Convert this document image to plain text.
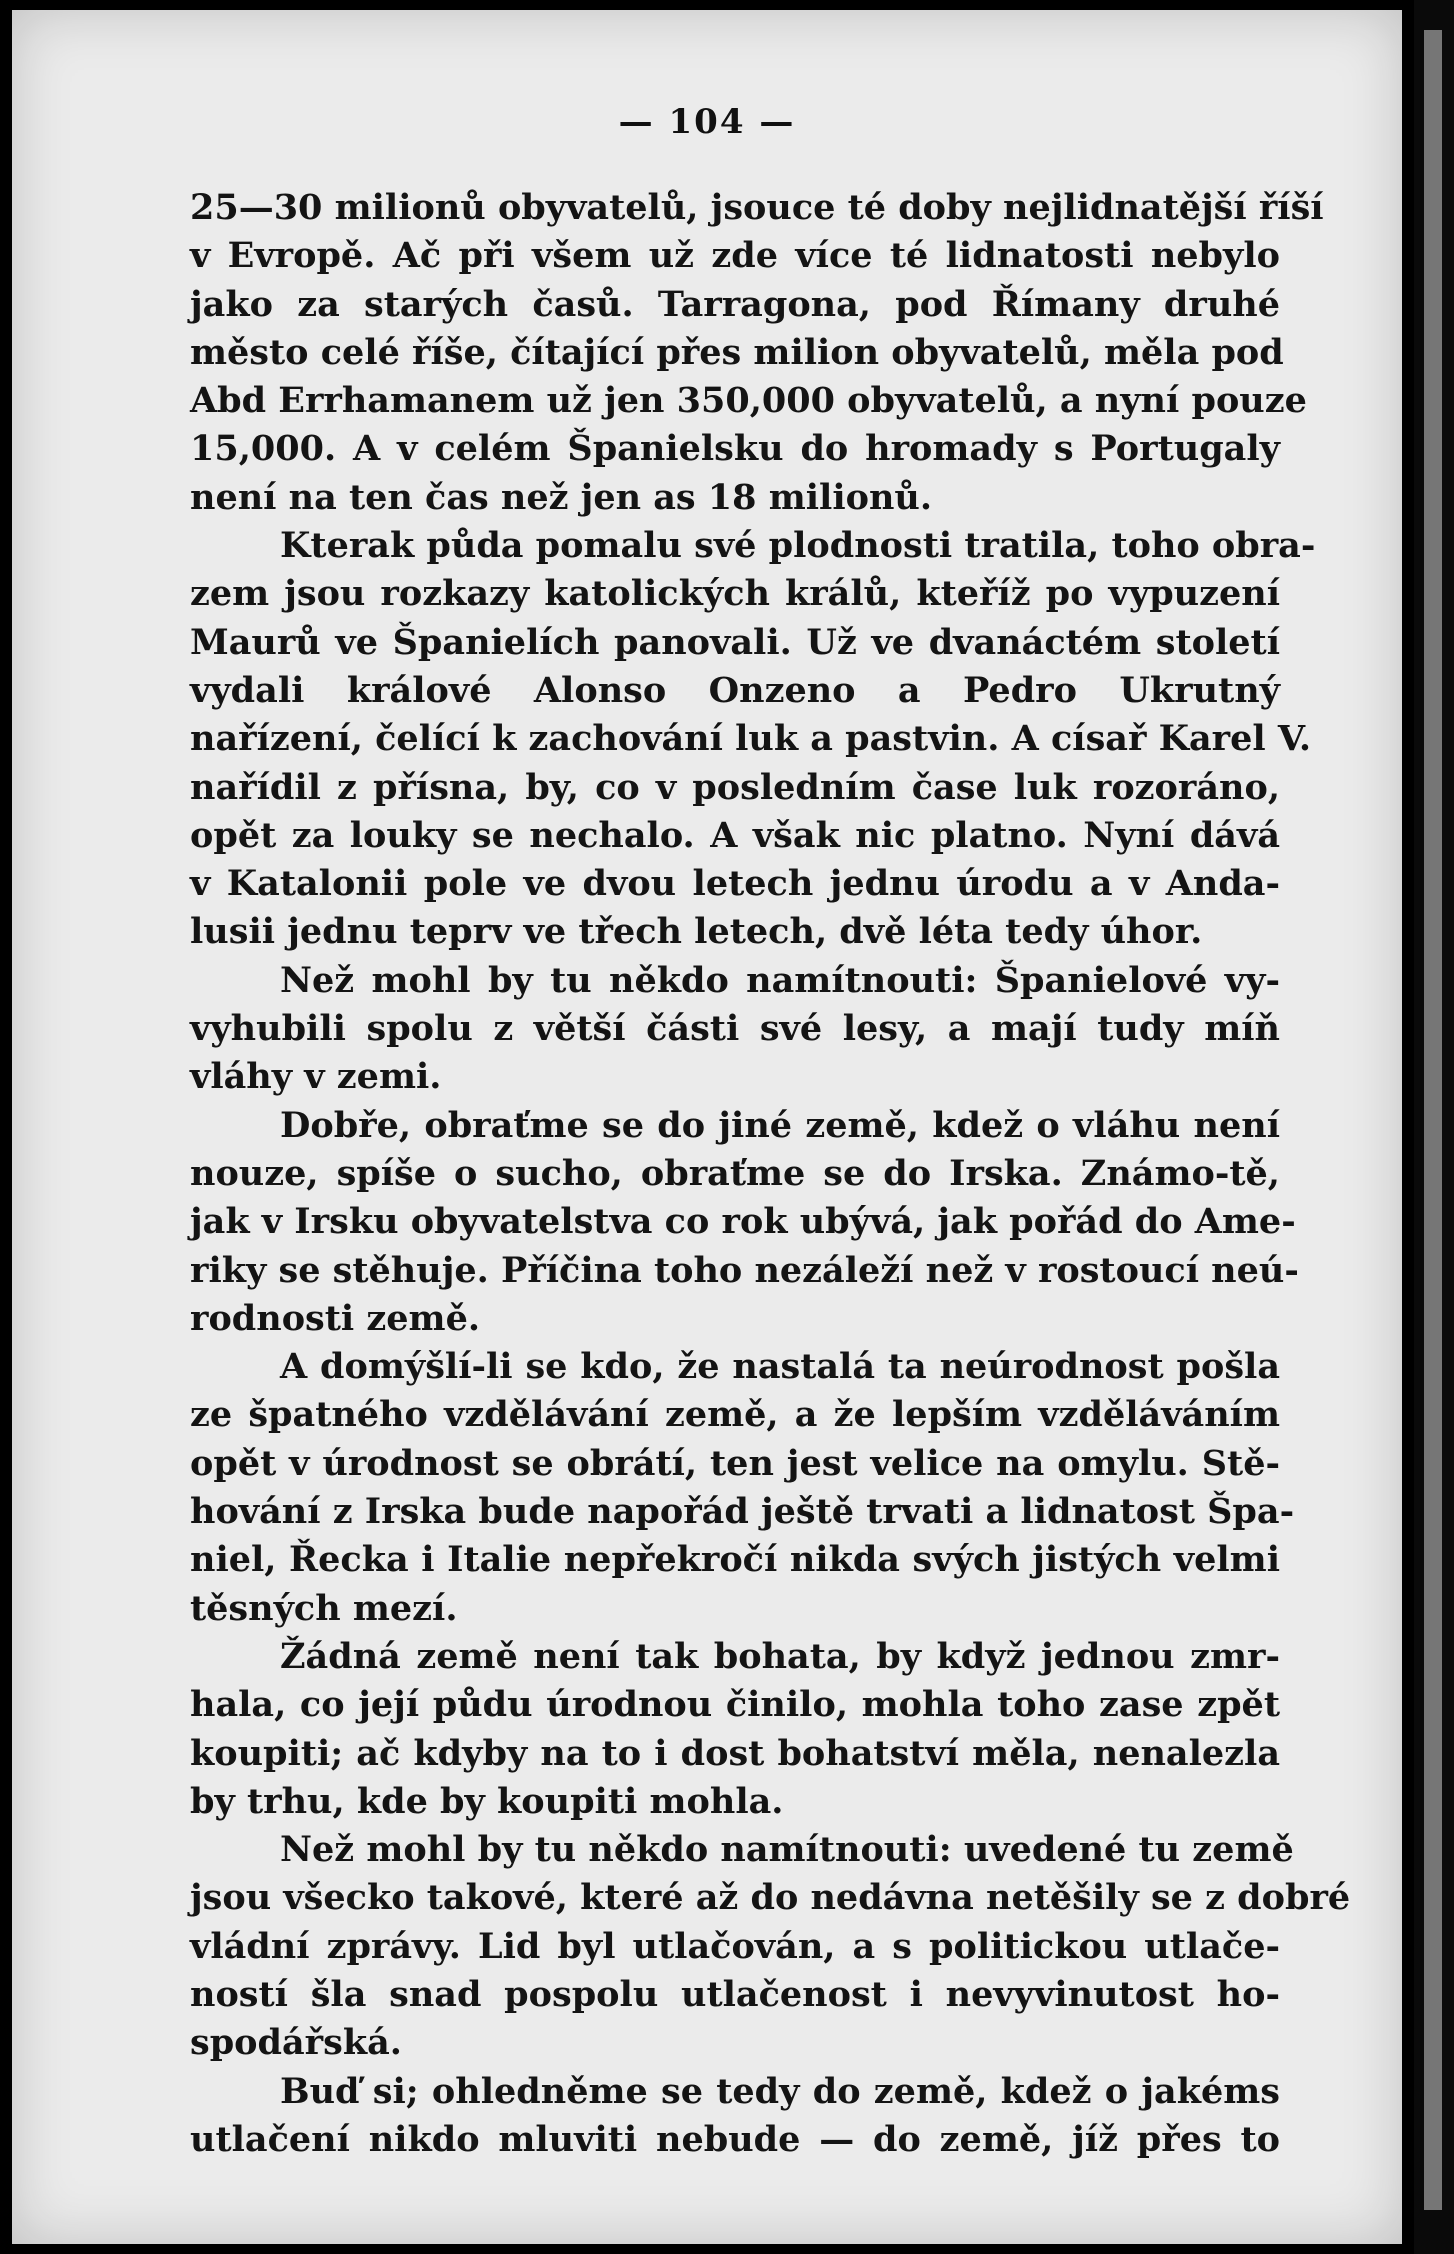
— 104 —
25—30 milionů obyvatelů, jsouce té doby nejlidnatější říší
v Evropě. Ač při všem už zde více té lidnatosti nebylo
jako za starých časů. Tarragona, pod Římany druhé
město celé říše, čítající přes milion obyvatelů, měla pod
Abd Errhamanem už jen 350,000 obyvatelů, a nyní pouze
15,000. A v celém Španielsku do hromady s Portugaly
není na ten čas než jen as 18 milionů.
Kterak půda pomalu své plodnosti tratila, toho obra-
zem jsou rozkazy katolických králů, kteříž po vypuzení
Maurů ve Španielích panovali. Už ve dvanáctém století
vydali králové Alonso Onzeno a Pedro Ukrutný
nařízení, čelící k zachování luk a pastvin. A císař Karel V.
nařídil z přísna, by, co v posledním čase luk rozoráno,
opět za louky se nechalo. A však nic platno. Nyní dává
v Katalonii pole ve dvou letech jednu úrodu a v Anda-
lusii jednu teprv ve třech letech, dvě léta tedy úhor.
Než mohl by tu někdo namítnouti: Španielové vy-
vyhubili spolu z větší části své lesy, a mají tudy míň
vláhy v zemi.
Dobře, obraťme se do jiné země, kdež o vláhu není
nouze, spíše o sucho, obraťme se do Irska. Známo-tě,
jak v Irsku obyvatelstva co rok ubývá, jak pořád do Ame-
riky se stěhuje. Příčina toho nezáleží než v rostoucí neú-
rodnosti země.
A domýšlí-li se kdo, že nastalá ta neúrodnost pošla
ze špatného vzdělávání země, a že lepším vzděláváním
opět v úrodnost se obrátí, ten jest velice na omylu. Stě-
hování z Irska bude napořád ještě trvati a lidnatost Špa-
niel, Řecka i Italie nepřekročí nikda svých jistých velmi
těsných mezí.
Žádná země není tak bohata, by když jednou zmr-
hala, co její půdu úrodnou činilo, mohla toho zase zpět
koupiti; ač kdyby na to i dost bohatství měla, nenalezla
by trhu, kde by koupiti mohla.
Než mohl by tu někdo namítnouti: uvedené tu země
jsou všecko takové, které až do nedávna netěšily se z dobré
vládní zprávy. Lid byl utlačován, a s politickou utlače-
ností šla snad pospolu utlačenost i nevyvinutost ho-
spodářská.
Buď si; ohledněme se tedy do země, kdež o jakéms
utlačení nikdo mluviti nebude — do země, jíž přes to
